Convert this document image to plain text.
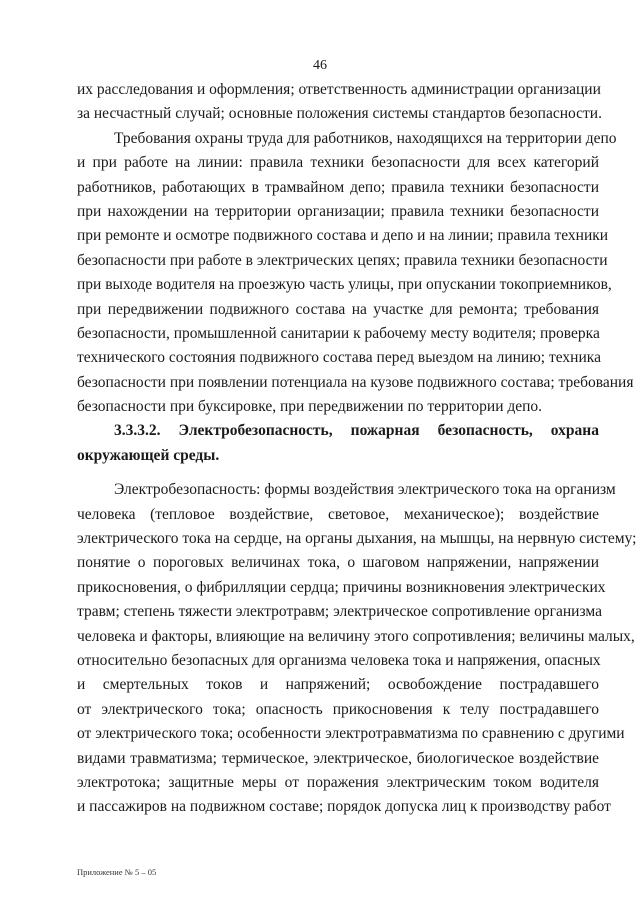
46
их расследования и оформления; ответственность администрации организации
за несчастный случай; основные положения системы стандартов безопасности.
Требования охраны труда для работников, находящихся на территории депо
и при работе на линии: правила техники безопасности для всех категорий
работников, работающих в трамвайном депо; правила техники безопасности
при нахождении на территории организации; правила техники безопасности
при ремонте и осмотре подвижного состава и депо и на линии; правила техники
безопасности при работе в электрических цепях; правила техники безопасности
при выходе водителя на проезжую часть улицы, при опускании токоприемников,
при передвижении подвижного состава на участке для ремонта; требования
безопасности, промышленной санитарии к рабочему месту водителя; проверка
технического состояния подвижного состава перед выездом на линию; техника
безопасности при появлении потенциала на кузове подвижного состава; требования
безопасности при буксировке, при передвижении по территории депо.
3.3.3.2. Электробезопасность, пожарная безопасность, охрана
окружающей среды.
Электробезопасность: формы воздействия электрического тока на организм
человека (тепловое воздействие, световое, механическое); воздействие
электрического тока на сердце, на органы дыхания, на мышцы, на нервную систему;
понятие о пороговых величинах тока, о шаговом напряжении, напряжении
прикосновения, о фибрилляции сердца; причины возникновения электрических
травм; степень тяжести электротравм; электрическое сопротивление организма
человека и факторы, влияющие на величину этого сопротивления; величины малых,
относительно безопасных для организма человека тока и напряжения, опасных
и смертельных токов и напряжений; освобождение пострадавшего
от электрического тока; опасность прикосновения к телу пострадавшего
от электрического тока; особенности электротравматизма по сравнению с другими
видами травматизма; термическое, электрическое, биологическое воздействие
электротока; защитные меры от поражения электрическим током водителя
и пассажиров на подвижном составе; порядок допуска лиц к производству работ
Приложение № 5 – 05
